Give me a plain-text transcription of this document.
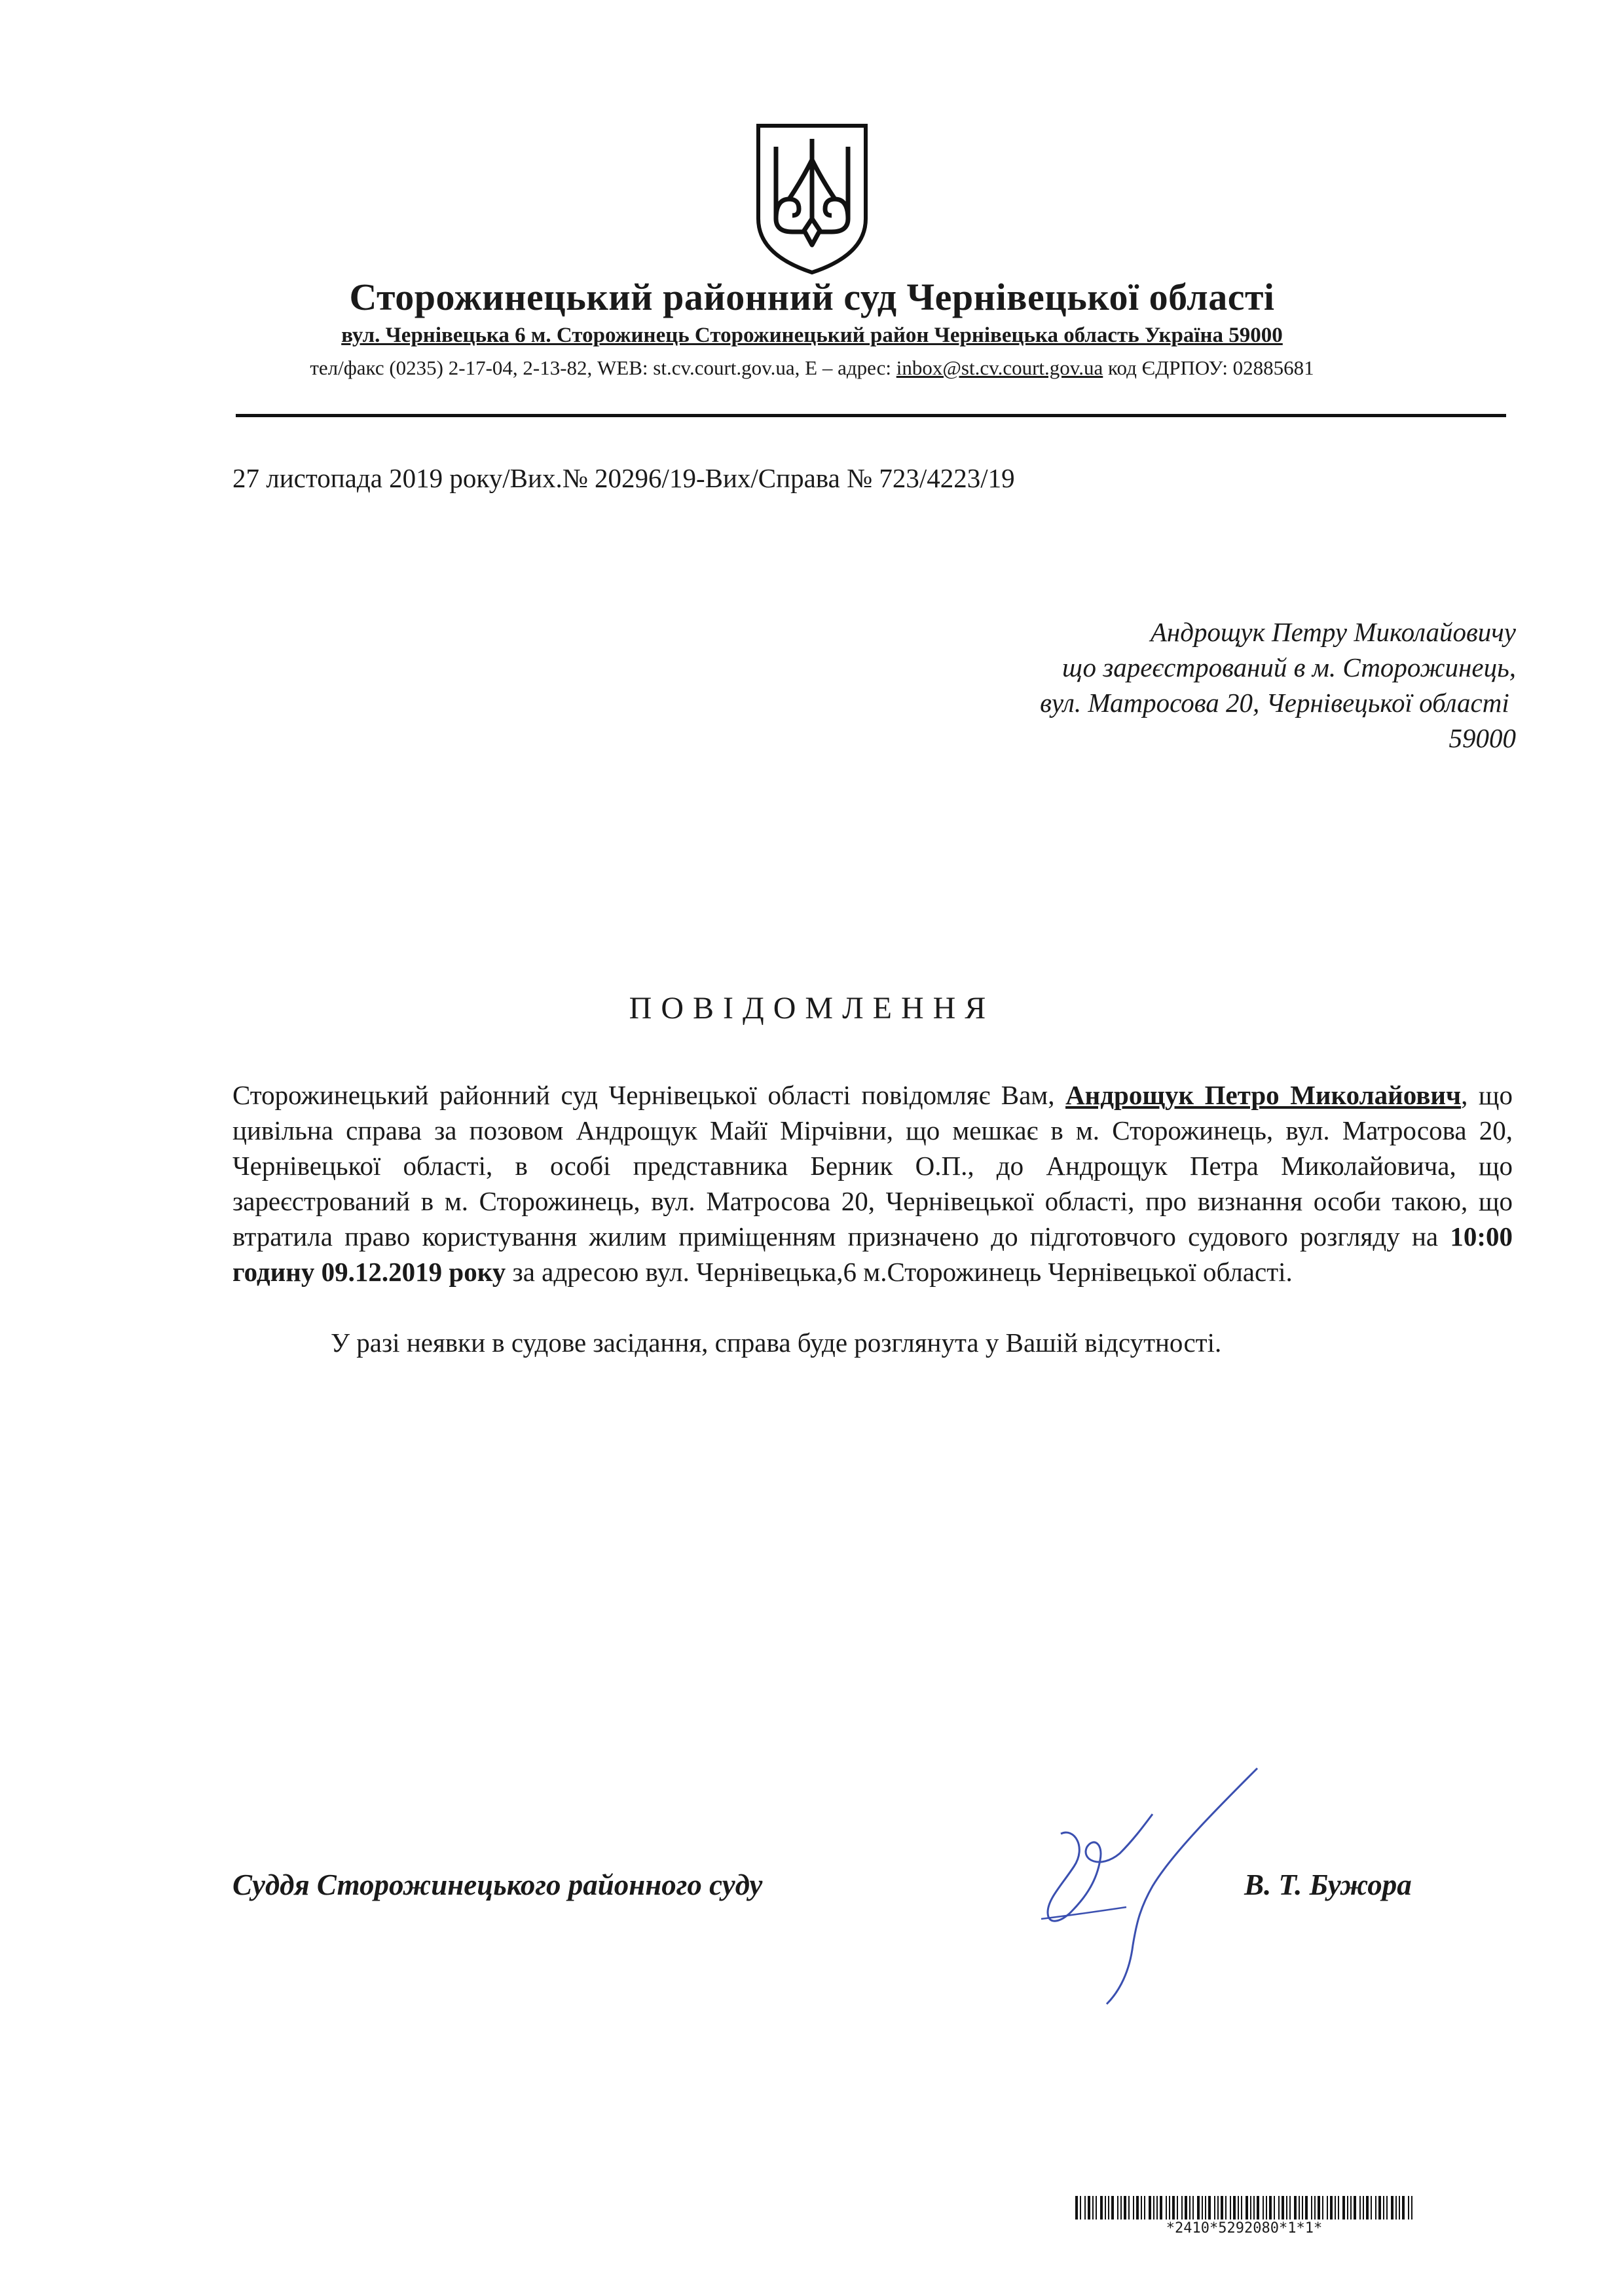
Сторожинецький районний суд Чернівецької області
вул. Чернівецька 6 м. Сторожинець Сторожинецький район Чернівецька область Україна 59000
тел/факс (0235) 2-17-04, 2-13-82, WEB: st.cv.court.gov.ua, E – адрес: inbox@st.cv.court.gov.ua код ЄДРПОУ: 02885681
27 листопада 2019 року/Вих.№ 20296/19-Вих/Справа № 723/4223/19
Андрощук Петру Миколайовичу
що зареєстрований в м. Сторожинець,
вул. Матросова 20, Чернівецької області
59000
ПОВІДОМЛЕННЯ

Сторожинецький районний суд Чернівецької області повідомляє Вам, Андрощук Петро Миколайович, що цивільна справа за позовом Андрощук Майї Мірчівни, що мешкає в м. Сторожинець, вул. Матросова 20, Чернівецької області, в особі представника Берник О.П., до Андрощук Петра Миколайовича, що зареєстрований в м. Сторожинець, вул. Матросова 20, Чернівецької області, про визнання особи такою, що втратила право користування жилим приміщенням призначено до підготовчого судового розгляду на 10:00 годину 09.12.2019 року за адресою вул. Чернівецька,6 м.Сторожинець Чернівецької області.

У разі неявки в судове засідання, справа буде розглянута у Вашій відсутності.

Суддя Сторожинецького районного суду	В. Т. Бужора
*2410*5292080*1*1*
